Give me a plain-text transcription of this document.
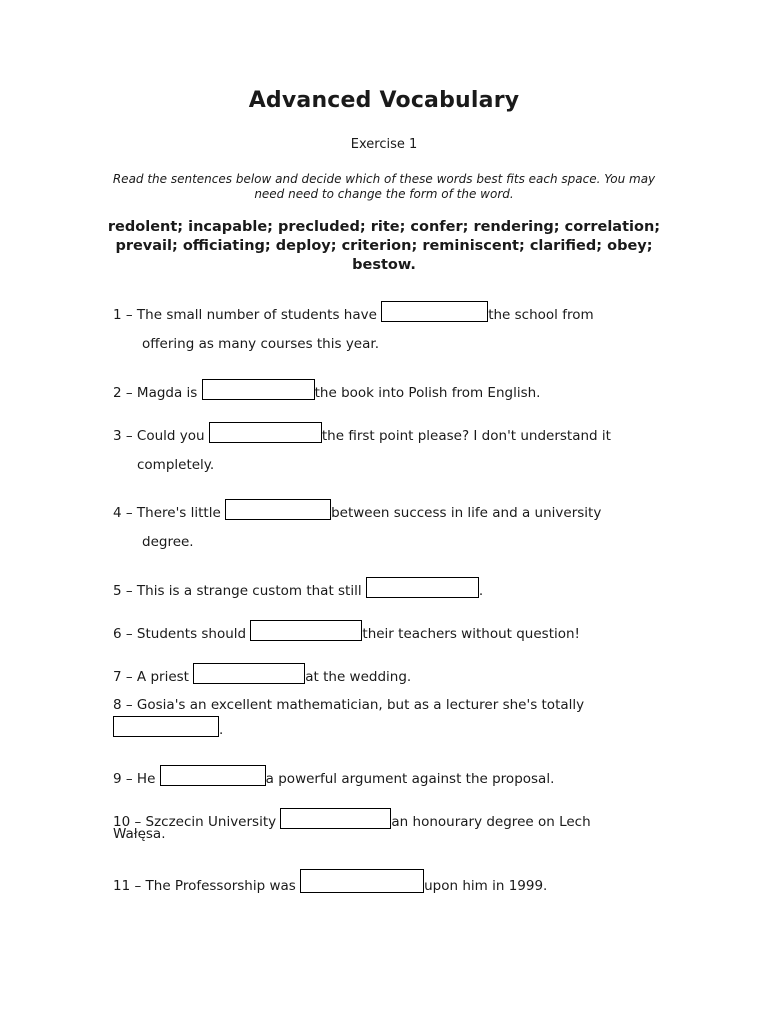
Advanced Vocabulary
Exercise 1
Read the sentences below and decide which of these words best fits each space. You may need need to change the form of the word.
redolent; incapable; precluded; rite; confer; rendering; correlation; prevail; officiating; deploy; criterion; reminiscent; clarified; obey; bestow.
1 – The small number of students have	the school from
offering as many courses this year.
2 – Magda is	the book into Polish from English.
3 – Could you	the first point please? I don't understand it
completely.
4 – There's little	between success in life and a university
degree.
5 – This is a strange custom that still	.
6 – Students should	their teachers without question!
7 – A priest	at the wedding.
8 – Gosia's an excellent mathematician, but as a lecturer she's totally
.
9 – He	a powerful argument against the proposal.
10 – Szczecin University	an honourary degree on Lech
Wałęsa.
11 – The Professorship was	upon him in 1999.
